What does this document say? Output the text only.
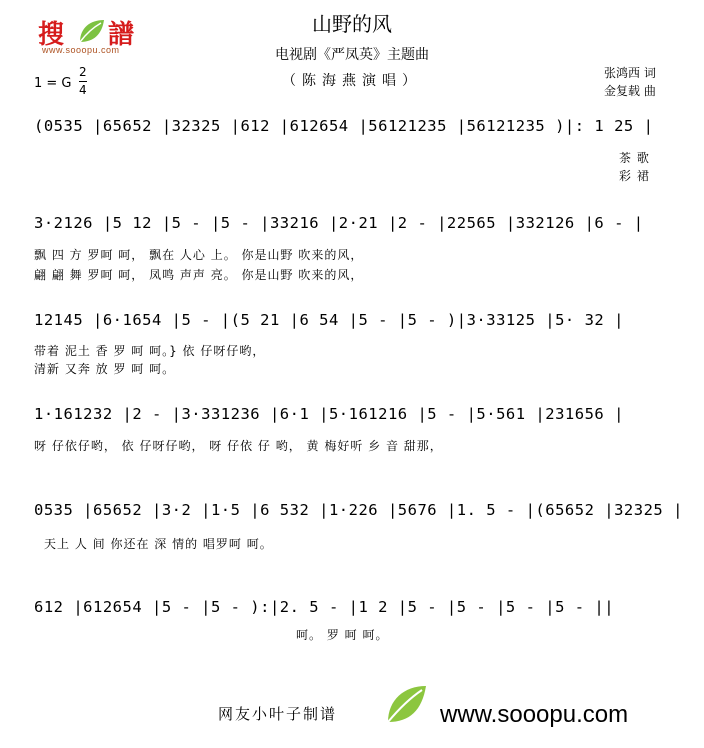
搜 譜
www.sooopu.com
山野的风
电视剧《严凤英》主题曲
（陈海燕演唱）	张鸿西 词
金复载 曲
1 = G
2
4
(0535 |65652 |32325 |612 |612654 |56121235 |56121235 )|: 1 25 |
茶 歌
彩 裙
3·2126 |5 12 |5 - |5 - |33216 |2·21 |2 - |22565 |332126 |6 - |
飘 四 方 罗呵 呵， 飘在 人心 上。 你是山野 吹来的风，
翩 翩 舞 罗呵 呵， 凤鸣 声声 亮。 你是山野 吹来的风，
12145 |6·1654 |5 - |(5 21 |6 54 |5 - |5 - )|3·33125 |5· 32 |
带着 泥土 香 罗 呵 呵。} 依 仔呀仔哟，
清新 又奔 放 罗 呵 呵。
1·161232 |2 - |3·331236 |6·1 |5·161216 |5 - |5·561 |231656 |
呀 仔依仔哟， 依 仔呀仔哟， 呀 仔依 仔 哟， 黄 梅好听 乡 音 甜那，
0535 |65652 |3·2 |1·5 |6 532 |1·226 |5676 |1. 5 - |(65652 |32325 |
天上 人 间 你还在 深 情的 唱罗呵 呵。
612 |612654 |5 - |5 - ):|2. 5 - |1 2 |5 - |5 - |5 - |5 - ||
呵。 罗 呵 呵。
网友小叶子制谱	www.sooopu.com
